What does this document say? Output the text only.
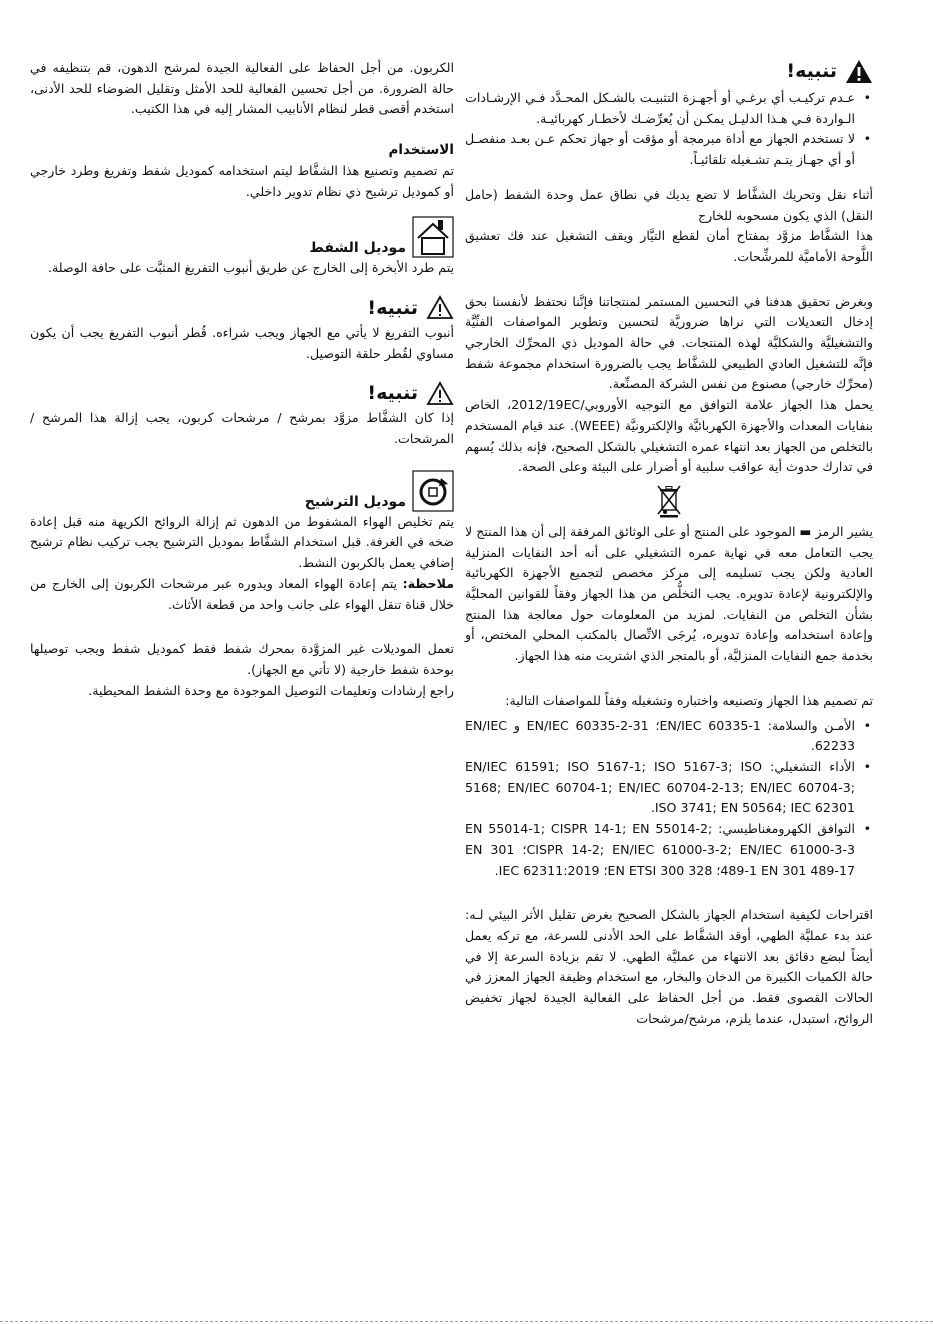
تنبيه!
• عـدم تركيـب أي برغـي أو أجهـزة التثبيـت بالشـكل المحـدَّد فـي الإرشـادات الـواردة فـي هـذا الدليـل يمكـن أن يُعرِّضـك لأخطـار كهربائيـة.
• لا تستخدم الجهاز مع أداة مبرمجة أو مؤقت أو جهاز تحكم عـن بعـد منفصـل أو أي جهـاز يتـم تشـغيله تلقائيـاً.

أثناء نقل وتحريك الشفَّاط لا تضع يديك في نطاق عمل وحدة الشفط (حامل النقل) الذي يكون مسحوبه للخارج

هذا الشفَّاط مزوَّد بمفتاح أمان لقطع التيَّار ويقف التشغيل عند فك تعشيق اللَّوحة الأماميَّة للمرشِّحات.

وبغرض تحقيق هدفنا في التحسين المستمر لمنتجاتنا فإنَّنا نحتفظ لأنفسنا بحق إدخال التعديلات التي نراها ضروريَّة لتحسين وتطوير المواصفات الفنِّيَّة والتشغيليَّة والشكليَّة لهذه المنتجات. في حالة الموديل ذي المحرِّك الخارجي فإنَّه للتشغيل العادي الطبيعي للشفَّاط يجب بالضرورة استخدام مجموعة شفط (محرِّك خارجي) مصنوع من نفس الشركة المصنِّعة.

يحمل هذا الجهاز علامة التوافق مع التوجيه الأوروبي/2012/19EC، الخاص بنفايات المعدات والأجهزة الكهربائيَّة والإلكترونيَّة (WEEE). عند قيام المستخدم بالتخلص من الجهاز بعد انتهاء عمره التشغيلي بالشكل الصحيح، فإنه بذلك يُسهم في تدارك حدوث أية عواقب سلبية أو أضرار على البيئة وعلى الصحة.

يشير الرمز ▬ الموجود على المنتج أو على الوثائق المرفقة إلى أن هذا المنتج لا يجب التعامل معه في نهاية عمره التشغيلي على أنه أحد النفايات المنزلية العادية ولكن يجب تسليمه إلى مركز مخصص لتجميع الأجهزة الكهربائية والإلكترونية لإعادة تدويره. يجب التخلُّص من هذا الجهاز وفقاً للقوانين المحليَّة بشأن التخلص من النفايات. لمزيد من المعلومات حول معالجة هذا المنتج وإعادة استخدامه وإعادة تدويره، يُرجَى الاتِّصال بالمكتب المحلي المختص، أو بخدمة جمع النفايات المنزليَّة، أو بالمتجر الذي اشتريت منه هذا الجهاز.

تم تصميم هذا الجهاز وتصنيعه واختباره وتشغيله وفقاً للمواصفات التالية:

• الأمـن والسلامة: EN/IEC 60335-1؛ EN/IEC 60335-2-31 و EN/IEC 62233.
• الأداء التشغيلي: EN/IEC 61591; ISO 5167-1; ISO 5167-3; ISO 5168; EN/IEC 60704-1; EN/IEC 60704-2-13; EN/IEC 60704-3; ISO 3741; EN 50564; IEC 62301.
• التوافق الكهرومغناطيسي: EN 55014-1; CISPR 14-1; EN 55014-2; CISPR 14-2; EN/IEC 61000-3-2; EN/IEC 61000-3-3؛ EN 301 489-1 EN 301 489-17؛ EN ETSI 300 328؛ IEC 62311:2019.

اقتراحات لكيفية استخدام الجهاز بالشكل الصحيح بغرض تقليل الأثر البيئي لـه: عند بدء عمليَّة الطهي، أوقد الشفَّاط على الحد الأدنى للسرعة، مع تركه يعمل أيضاً لبضع دقائق بعد الانتهاء من عمليَّة الطهي. لا تقم بزيادة السرعة إلا في حالة الكميات الكبيرة من الدخان والبخار، مع استخدام وظيفة الجهاز المعزز في الحالات القصوى فقط. من أجل الحفاظ على الفعالية الجيدة لجهاز تخفيض الروائح، استبدل، عندما يلزم، مرشح/مرشحات

الكربون. من أجل الحفاظ على الفعالية الجيدة لمرشح الدهون، قم بتنظيفه في حالة الضرورة. من أجل تحسين الفعالية للحد الأمثل وتقليل الضوضاء للحد الأدنى، استخدم أقصى قطر لنظام الأنابيب المشار إليه في هذا الكتيب.

الاستخدام

تم تصميم وتصنيع هذا الشفَّاط ليتم استخدامه كموديل شفط وتفريغ وطرد خارجي أو كموديل ترشيح ذي نظام تدوير داخلي.

موديل الشفط

يتم طرد الأبخرة إلى الخارج عن طريق أنبوب التفريغ المثبَّت على حافة الوصلة.

تنبيه!

أنبوب التفريغ لا يأتي مع الجهاز ويجب شراءه. قُطر أنبوب التفريغ يجب أن يكون مساوي لقُطر حلقة التوصيل.

تنبيه!

إذا كان الشفَّاط مزوَّد بمرشح / مرشحات كربون، يجب إزالة هذا المرشح / المرشحات.

موديل الترشيح

يتم تخليص الهواء المشفوط من الدهون ثم إزالة الروائح الكريهة منه قبل إعادة ضخه في الغرفة. قبل استخدام الشفَّاط بموديل الترشيح يجب تركيب نظام ترشيح إضافي يعمل بالكربون النشط.

ملاحظة: يتم إعادة الهواء المعاد ويدوره عبر مرشحات الكربون إلى الخارج من خلال قناة تنقل الهواء على جانب واحد من قطعة الأثاث.

تعمل الموديلات غير المزوَّدة بمحرك شفط فقط كموديل شفط ويجب توصيلها بوحدة شفط خارجية (لا تأتي مع الجهاز).

راجع إرشادات وتعليمات التوصيل الموجودة مع وحدة الشفط المحيطية.
